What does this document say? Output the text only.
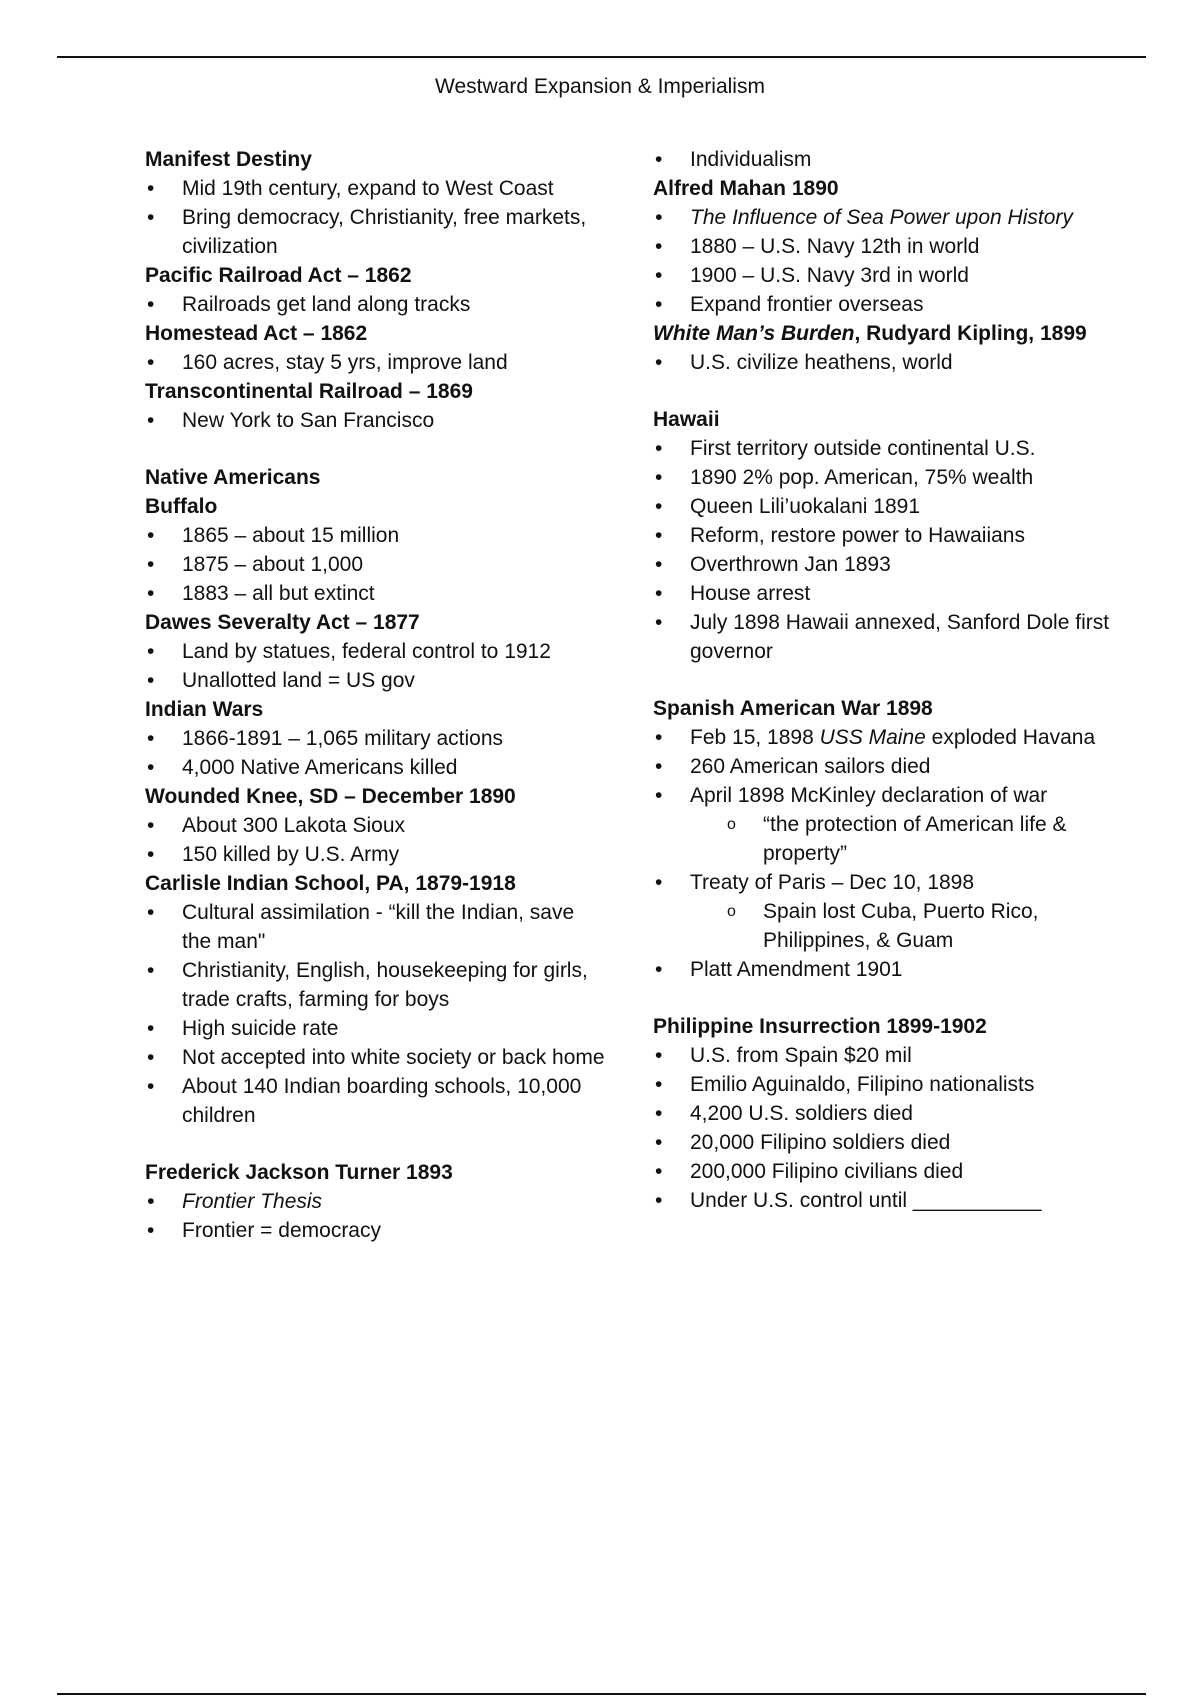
Westward Expansion & Imperialism

Manifest Destiny

• Mid 19th century, expand to West Coast
• Bring democracy, Christianity, free markets, civilization

Pacific Railroad Act – 1862

• Railroads get land along tracks

Homestead Act – 1862

• 160 acres, stay 5 yrs, improve land

Transcontinental Railroad – 1869

• New York to San Francisco

Native Americans

Buffalo

• 1865 – about 15 million
• 1875 – about 1,000
• 1883 – all but extinct

Dawes Severalty Act – 1877

• Land by statues, federal control to 1912
• Unallotted land = US gov

Indian Wars

• 1866-1891 – 1,065 military actions
• 4,000 Native Americans killed

Wounded Knee, SD – December 1890

• About 300 Lakota Sioux
• 150 killed by U.S. Army

Carlisle Indian School, PA, 1879-1918

• Cultural assimilation - “kill the Indian, save the man"
• Christianity, English, housekeeping for girls, trade crafts, farming for boys
• High suicide rate
• Not accepted into white society or back home
• About 140 Indian boarding schools, 10,000 children

Frederick Jackson Turner 1893

• Frontier Thesis
• Frontier = democracy
• Individualism

Alfred Mahan 1890

• The Influence of Sea Power upon History
• 1880 – U.S. Navy 12th in world
• 1900 – U.S. Navy 3rd in world
• Expand frontier overseas

White Man’s Burden, Rudyard Kipling, 1899

• U.S. civilize heathens, world

Hawaii

• First territory outside continental U.S.
• 1890 2% pop. American, 75% wealth
• Queen Lili’uokalani 1891
• Reform, restore power to Hawaiians
• Overthrown Jan 1893
• House arrest
• July 1898 Hawaii annexed, Sanford Dole first governor

Spanish American War 1898

• Feb 15, 1898 USS Maine exploded Havana
• 260 American sailors died
• April 1898 McKinley declaration of war
o “the protection of American life & property”
• Treaty of Paris – Dec 10, 1898
o Spain lost Cuba, Puerto Rico, Philippines, & Guam
• Platt Amendment 1901

Philippine Insurrection 1899-1902

• U.S. from Spain $20 mil
• Emilio Aguinaldo, Filipino nationalists
• 4,200 U.S. soldiers died
• 20,000 Filipino soldiers died
• 200,000 Filipino civilians died
• Under U.S. control until ___________
